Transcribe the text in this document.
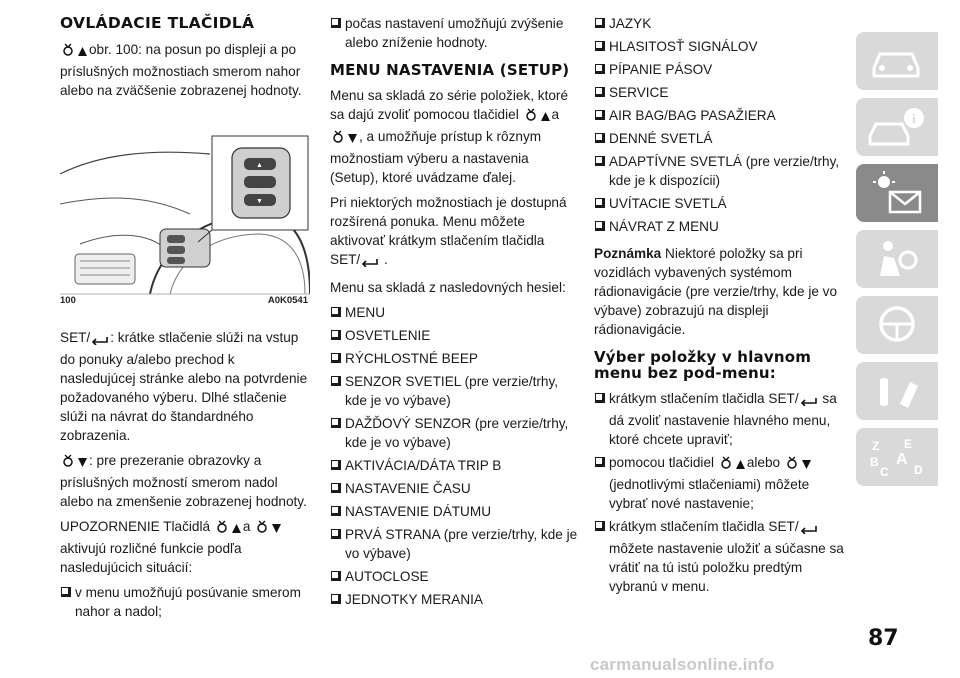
OVLÁDACIE TLAČIDLÁ

obr. 100: na posun po displeji a po príslušných možnostiach smerom nahor alebo na zväčšenie zobrazenej hodnoty.

▲
▼
100	A0K0541

SET/ : krátke stlačenie slúži na vstup do ponuky a/alebo prechod k nasledujúcej stránke alebo na potvrdenie požadovaného výberu. Dlhé stlačenie slúži na návrat do štandardného zobrazenia.

: pre prezeranie obrazovky a príslušných možností smerom nadol alebo na zmenšenie zobrazenej hodnoty.

UPOZORNENIE Tlačidlá a aktivujú rozličné funkcie podľa nasledujúcich situácií:

v menu umožňujú posúvanie smerom nahor a nadol;
počas nastavení umožňujú zvýšenie alebo zníženie hodnoty.
MENU NASTAVENIA (SETUP)

Menu sa skladá zo série položiek, ktoré sa dajú zvoliť pomocou tlačidiel a , a umožňuje prístup k rôznym možnostiam výberu a nastavenia (Setup), ktoré uvádzame ďalej.

Pri niektorých možnostiach je dostupná rozšírená ponuka. Menu môžete aktivovať krátkym stlačením tlačidla SET/ .

Menu sa skladá z nasledovných hesiel:

MENU
OSVETLENIE
RÝCHLOSTNÉ BEEP
SENZOR SVETIEL (pre verzie/trhy, kde je vo výbave)
DAŽĎOVÝ SENZOR (pre verzie/trhy, kde je vo výbave)
AKTIVÁCIA/DÁTA TRIP B
NASTAVENIE ČASU
NASTAVENIE DÁTUMU
PRVÁ STRANA (pre verzie/trhy, kde je vo výbave)
AUTOCLOSE
JEDNOTKY MERANIA
JAZYK
HLASITOSŤ SIGNÁLOV
PÍPANIE PÁSOV
SERVICE
AIR BAG/BAG PASAŽIERA
DENNÉ SVETLÁ
ADAPTÍVNE SVETLÁ (pre verzie/trhy, kde je k dispozícii)
UVÍTACIE SVETLÁ
NÁVRAT Z MENU

Poznámka Niektoré položky sa pri vozidlách vybavených systémom rádionavigácie (pre verzie/trhy, kde je vo výbave) zobrazujú na displeji rádionavigácie.

Výber položky v hlavnom menu bez pod-menu:
krátkym stlačením tlačidla SET/ sa dá zvoliť nastavenie hlavného menu, ktoré chcete upraviť;
pomocou tlačidiel alebo (jednotlivými stlačeniami) môžete vybrať nové nastavenie;
krátkym stlačením tlačidla SET/ môžete nastavenie uložiť a súčasne sa vrátiť na tú istú položku predtým vybranú v menu.
i
Z E
B A
C D
87
carmanualsonline.info
